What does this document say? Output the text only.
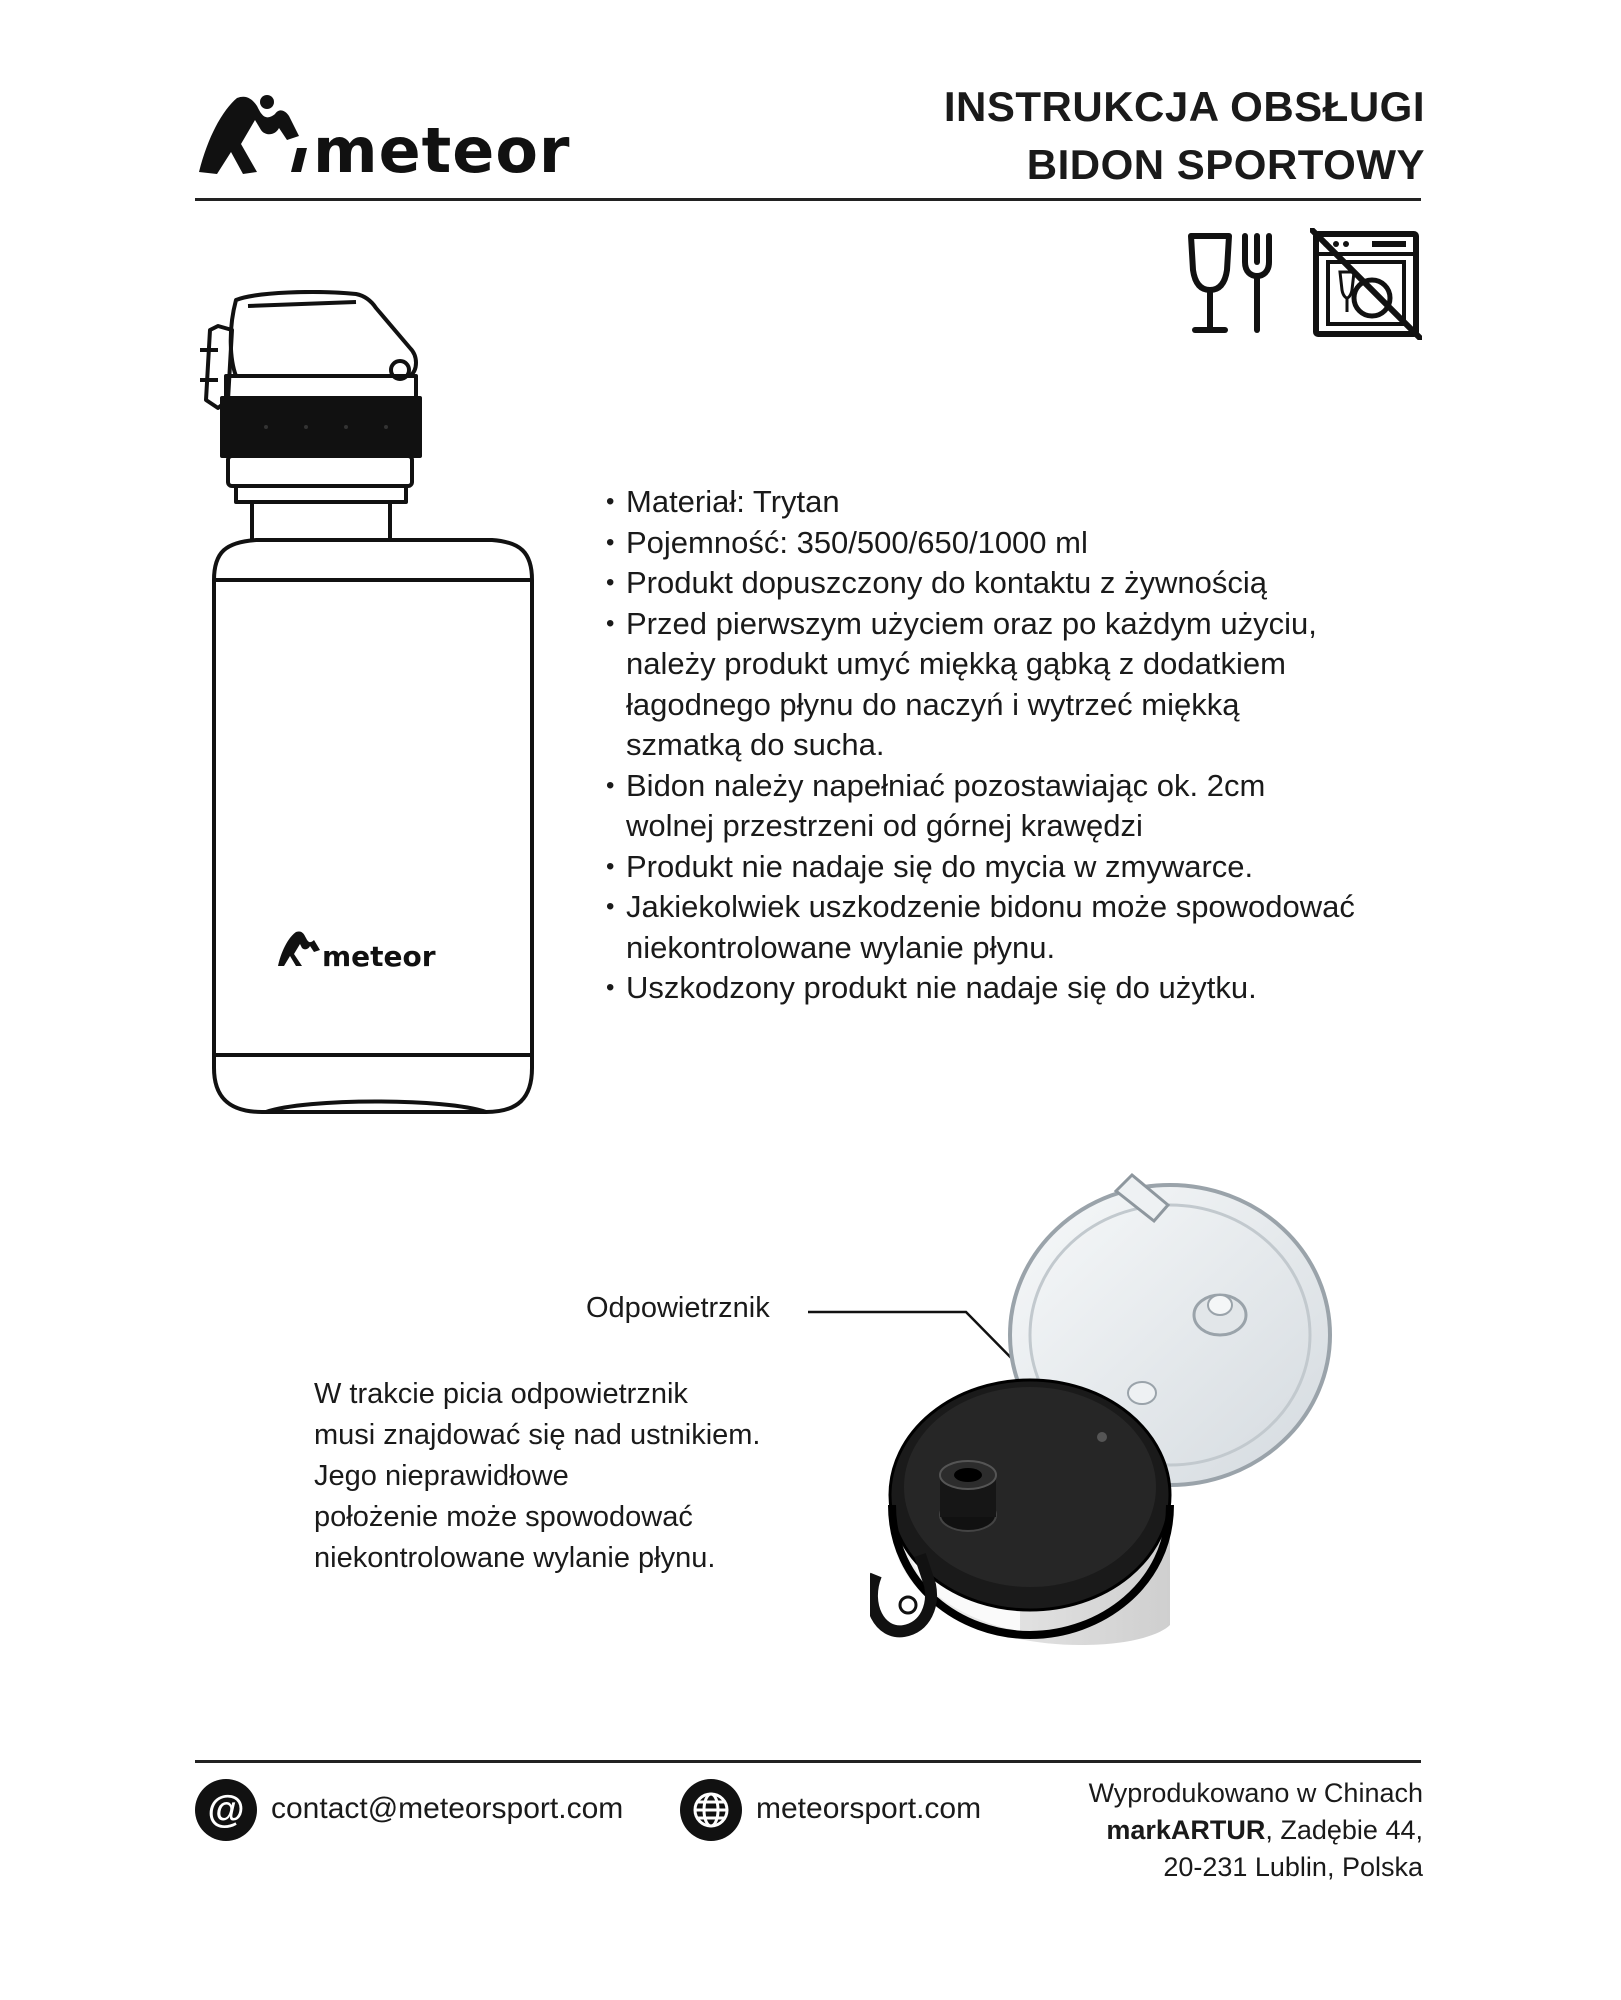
meteor
INSTRUKCJA OBSŁUGI
BIDON SPORTOWY
meteor
• Materiał: Trytan
• Pojemność: 350/500/650/1000 ml
• Produkt dopuszczony do kontaktu z żywnością
• Przed pierwszym użyciem oraz po każdym użyciu,
należy produkt umyć miękką gąbką z dodatkiem
łagodnego płynu do naczyń i wytrzeć miękką
szmatką do sucha.
• Bidon należy napełniać pozostawiając ok. 2cm
wolnej przestrzeni od górnej krawędzi
• Produkt nie nadaje się do mycia w zmywarce.
• Jakiekolwiek uszkodzenie bidonu może spowodować
niekontrolowane wylanie płynu.
• Uszkodzony produkt nie nadaje się do użytku.
Odpowietrznik
W trakcie picia odpowietrznik
musi znajdować się nad ustnikiem.
Jego nieprawidłowe
położenie może spowodować
niekontrolowane wylanie płynu.
@ contact@meteorsport.com	meteorsport.com	Wyprodukowano w Chinach
markARTUR, Zadębie 44,
20-231 Lublin, Polska
